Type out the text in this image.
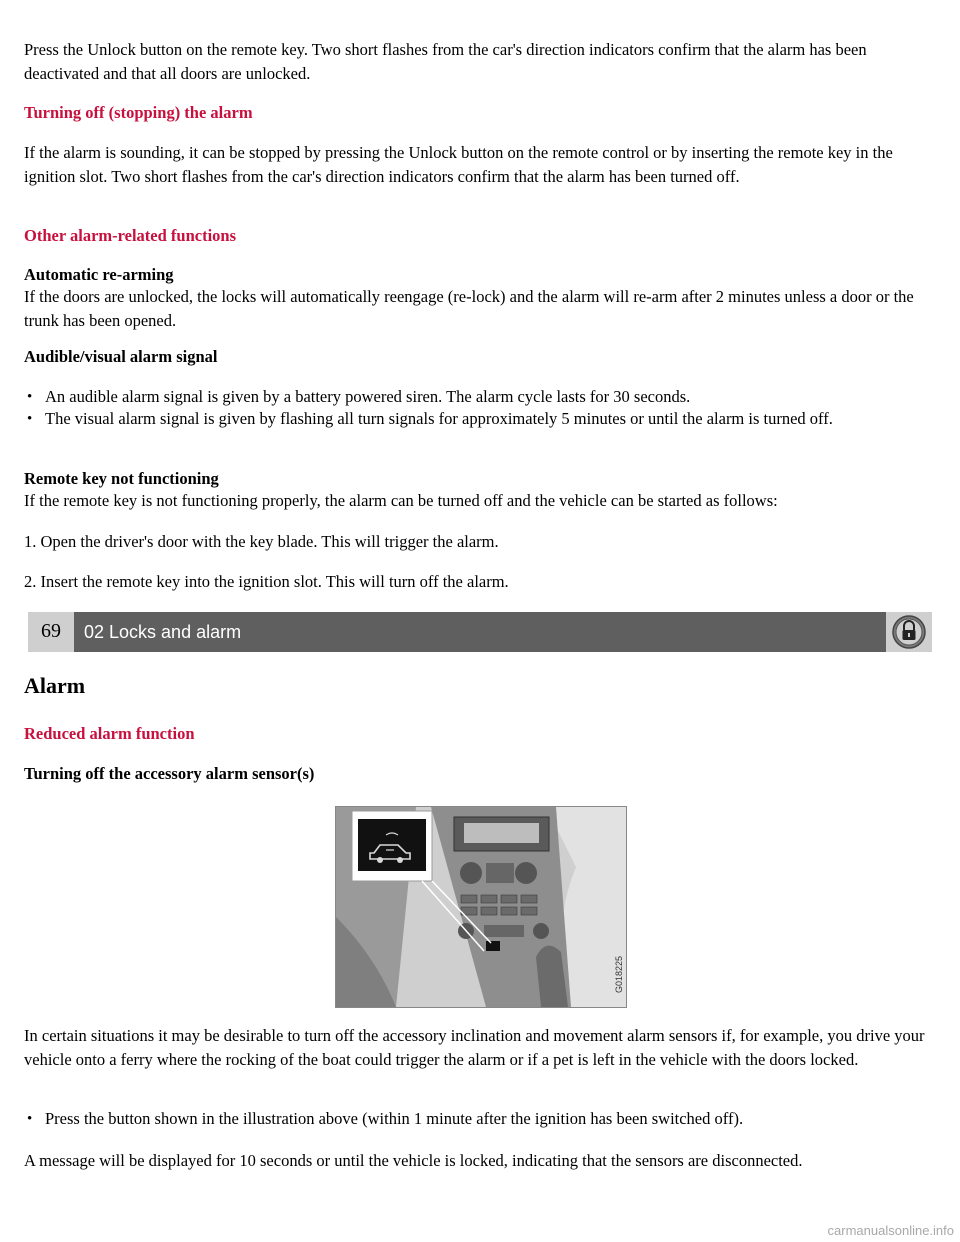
Press the Unlock button on the remote key. Two short flashes from the car's direction indicators confirm that the alarm has been deactivated and that all doors are unlocked.

Turning off (stopping) the alarm

If the alarm is sounding, it can be stopped by pressing the Unlock button on the remote control or by inserting the remote key in the ignition slot. Two short flashes from the car's direction indicators confirm that the alarm has been turned off.

Other alarm-related functions

Automatic re-arming

If the doors are unlocked, the locks will automatically reengage (re-lock) and the alarm will re-arm after 2 minutes unless a door or the trunk has been opened.

Audible/visual alarm signal

• An audible alarm signal is given by a battery powered siren. The alarm cycle lasts for 30 seconds.
• The visual alarm signal is given by flashing all turn signals for approximately 5 minutes or until the alarm is turned off.

Remote key not functioning

If the remote key is not functioning properly, the alarm can be turned off and the vehicle can be started as follows:

1. Open the driver's door with the key blade. This will trigger the alarm.

2. Insert the remote key into the ignition slot. This will turn off the alarm.

Alarm

Reduced alarm function

Turning off the accessory alarm sensor(s)

In certain situations it may be desirable to turn off the accessory inclination and movement alarm sensors if, for example, you drive your vehicle onto a ferry where the rocking of the boat could trigger the alarm or if a pet is left in the vehicle with the doors locked.

• Press the button shown in the illustration above (within 1 minute after the ignition has been switched off).

A message will be displayed for 10 seconds or until the vehicle is locked, indicating that the sensors are disconnected.

69	02 Locks and alarm
G018225
carmanualsonline.info
